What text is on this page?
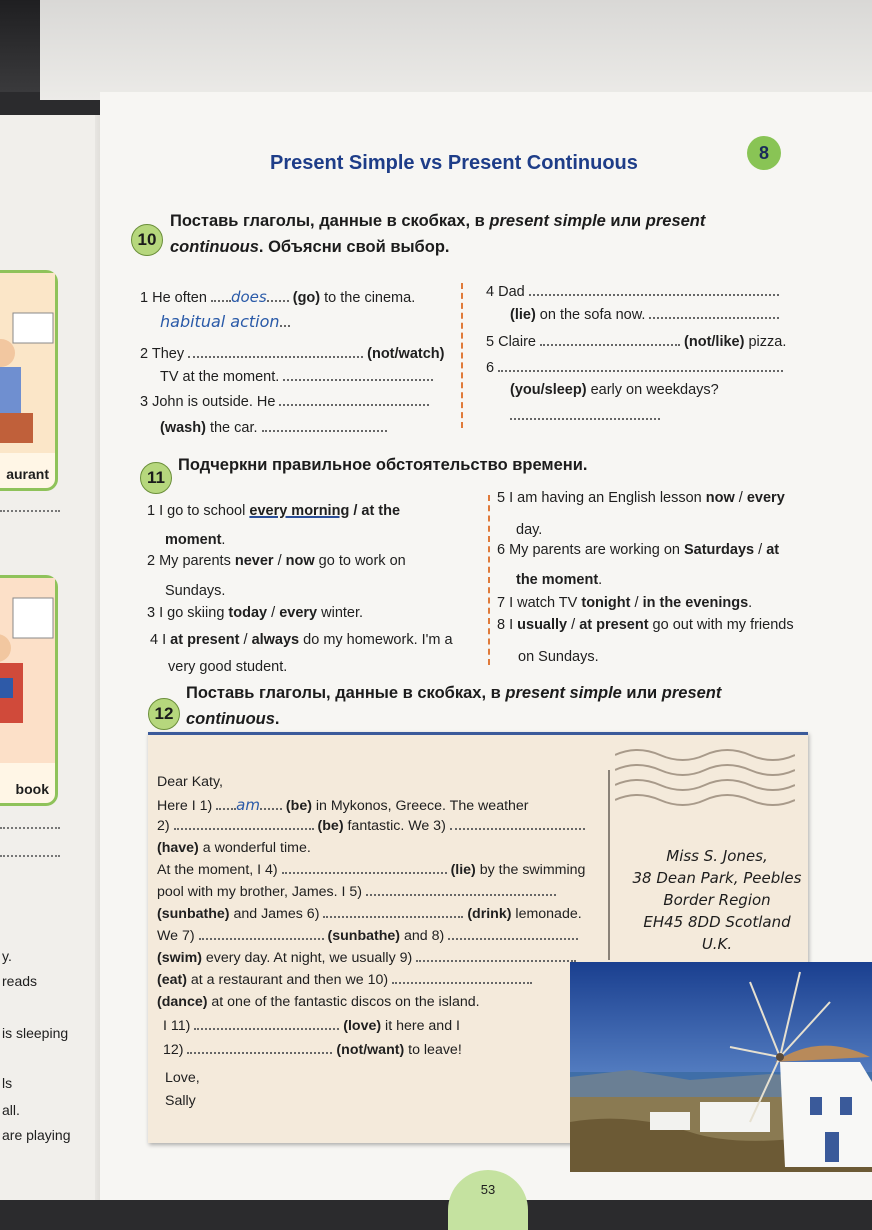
aurant
book
y.
reads
is sleeping
ls
all.
are playing
Present Simple vs Present Continuous	8
10
Поставь глаголы, данные в скобках, в present simple или present continuous. Объясни свой выбор.
1 He often does (go) to the cinema.
habitual action
2 They	(not/watch)
TV at the moment.
3 John is outside. He
(wash) the car.
4 Dad
(lie) on the sofa now.
5 Claire	(not/like) pizza.
6
(you/sleep) early on weekdays?
11
Подчеркни правильное обстоятельство времени.
1 I go to school every morning / at the
moment.
2 My parents never / now go to work on
Sundays.
3 I go skiing today / every winter.
4 I at present / always do my homework. I'm a
very good student.
5 I am having an English lesson now / every
day.
6 My parents are working on Saturdays / at
the moment.
7 I watch TV tonight / in the evenings.
8 I usually / at present go out with my friends
on Sundays.
12
Поставь глаголы, данные в скобках, в present simple или present
continuous.
Dear Katy,
Here I 1) am (be) in Mykonos, Greece. The weather
2)	(be) fantastic. We 3)
(have) a wonderful time.
At the moment, I 4)	(lie) by the swimming
pool with my brother, James. I 5)
(sunbathe) and James 6)	(drink) lemonade.
We 7)	(sunbathe) and 8)
(swim) every day. At night, we usually 9)
(eat) at a restaurant and then we 10)
(dance) at one of the fantastic discos on the island.
I 11)	(love) it here and I
12)	(not/want) to leave!
Love,
Sally
Miss S. Jones,
38 Dean Park, Peebles
Border Region
EH45 8DD Scotland
U.K.
53
